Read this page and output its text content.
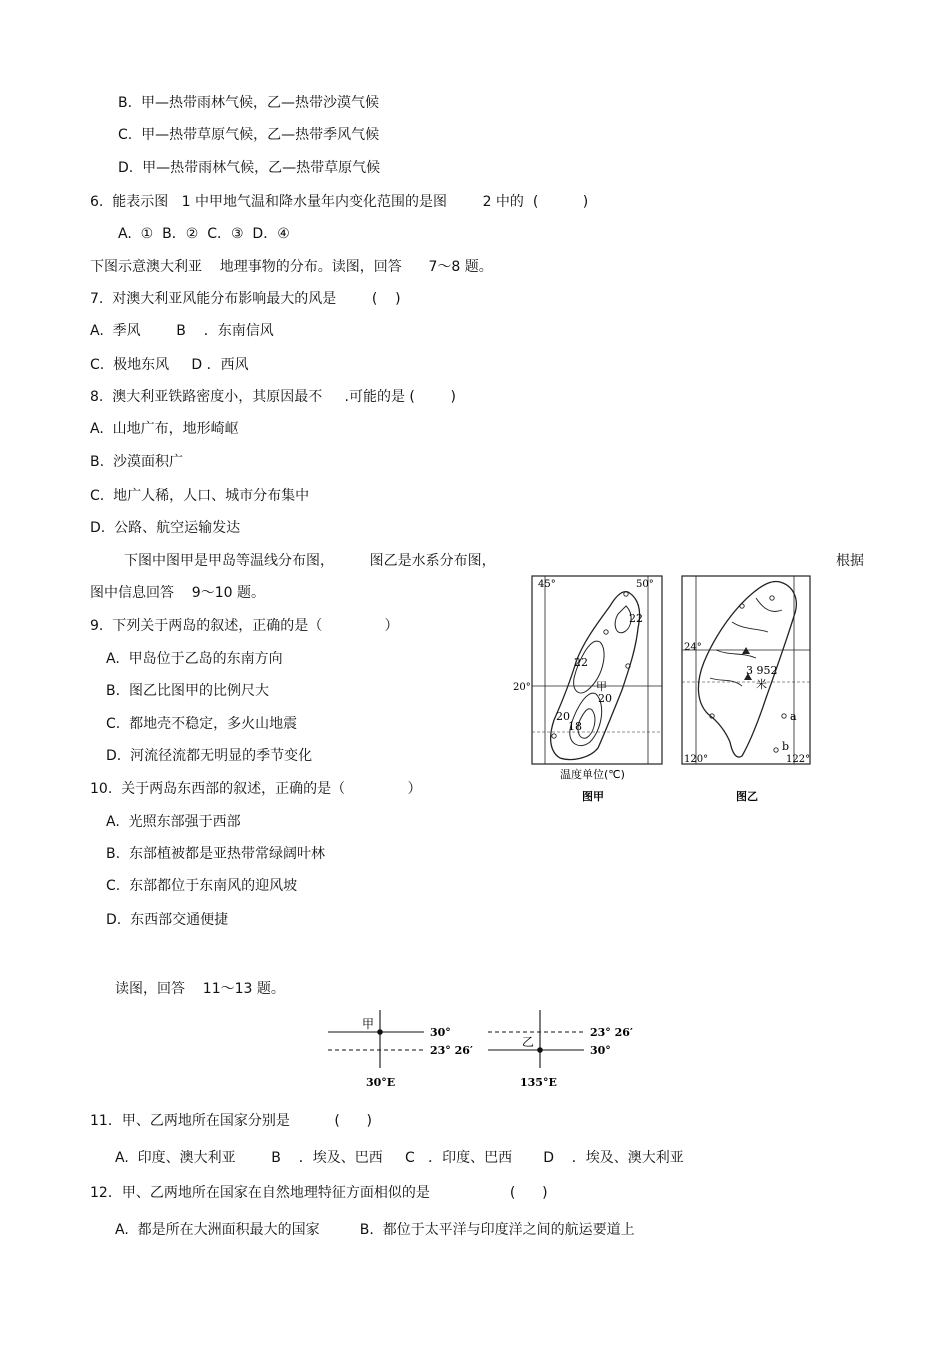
B.  甲—热带雨林气候，乙—热带沙漠气候
C.  甲—热带草原气候，乙—热带季风气候
D.  甲—热带雨林气候，乙—热带草原气候
6.  能表示图   1 中甲地气温和降水量年内变化范围的是图        2 中的  (          )
A.  ①  B．②  C．③  D．④
下图示意澳大利亚    地理事物的分布。读图，回答      7～8 题。
7.  对澳大利亚风能分布影响最大的风是        (    )
A.  季风        B    ．东南信风
C.  极地东风     D ．西风
8.  澳大利亚铁路密度小，其原因最不     .可能的是 (        )
A.  山地广布，地形崎岖
B.  沙漠面积广
C.  地广人稀，人口、城市分布集中
D.  公路、航空运输发达
下图中图甲是甲岛等温线分布图，        图乙是水系分布图，	根据
图中信息回答    9～10 题。
9.  下列关于两岛的叙述，正确的是（              ）
A.  甲岛位于乙岛的东南方向
B.  图乙比图甲的比例尺大
C.  都地壳不稳定，多火山地震
D.  河流径流都无明显的季节变化
10.  关于两岛东西部的叙述，正确的是（              ）
A.  光照东部强于西部
B.  东部植被都是亚热带常绿阔叶林
C.  东部都位于东南风的迎风坡
D.  东西部交通便捷
读图，回答    11～13 题。
11．甲、乙两地所在国家分别是          (      )
A.  印度、澳大利亚        B    ．埃及、巴西     C   ．印度、巴西       D    ．埃及、澳大利亚
12．甲、乙两地所在国家在自然地理特征方面相似的是                  (      )
A.  都是所在大洲面积最大的国家         B.  都位于太平洋与印度洋之间的航运要道上
45°	50°
20°
22
22
甲
20
20
18
温度单位(℃)
图甲
24°
3 952
米
a
b
120°	122°
图乙
甲
30°
23° 26′
30°E
乙
23° 26′
30°
135°E
